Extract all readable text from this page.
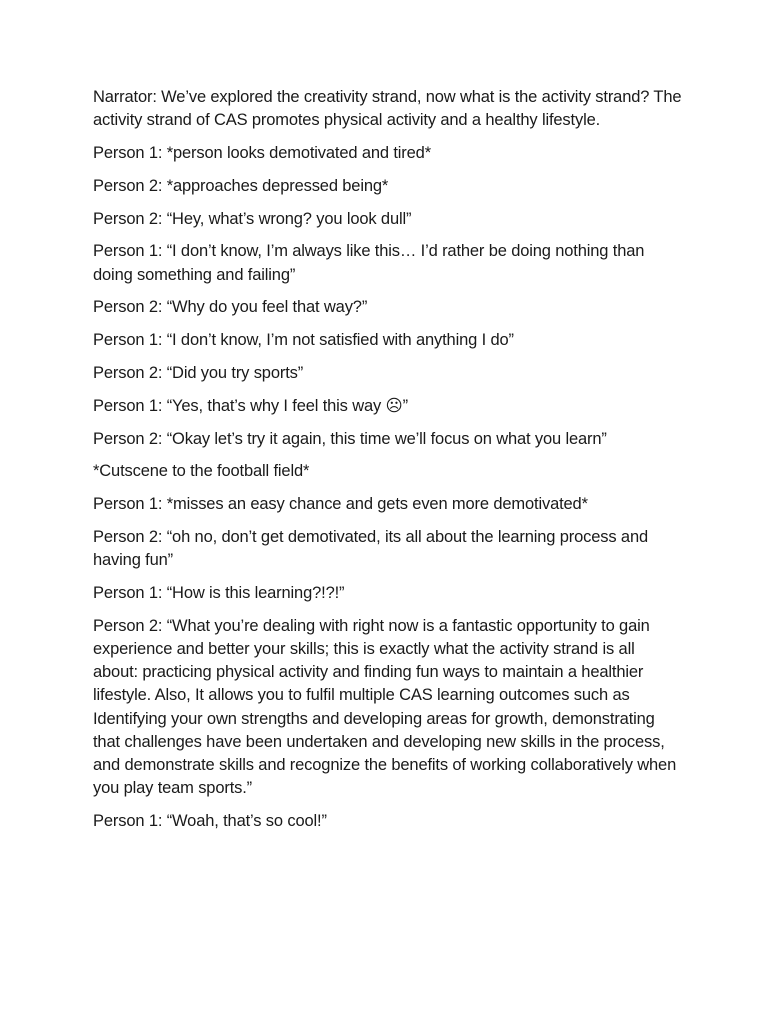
Narrator: We’ve explored the creativity strand, now what is the activity strand? The activity strand of CAS promotes physical activity and a healthy lifestyle.

Person 1: *person looks demotivated and tired*

Person 2: *approaches depressed being*

Person 2: “Hey, what’s wrong? you look dull”

Person 1: “I don’t know, I’m always like this… I’d rather be doing nothing than doing something and failing”

Person 2: “Why do you feel that way?”

Person 1: “I don’t know, I’m not satisfied with anything I do”

Person 2: “Did you try sports”

Person 1: “Yes, that’s why I feel this way ☹”

Person 2: “Okay let’s try it again, this time we’ll focus on what you learn”

*Cutscene to the football field*

Person 1: *misses an easy chance and gets even more demotivated*

Person 2: “oh no, don’t get demotivated, its all about the learning process and having fun”

Person 1: “How is this learning?!?!”

Person 2: “What you’re dealing with right now is a fantastic opportunity to gain experience and better your skills; this is exactly what the activity strand is all about: practicing physical activity and finding fun ways to maintain a healthier lifestyle. Also, It allows you to fulfil multiple CAS learning outcomes such as Identifying your own strengths and developing areas for growth, demonstrating that challenges have been undertaken and developing new skills in the process, and demonstrate skills and recognize the benefits of working collaboratively when you play team sports.”

Person 1: “Woah, that’s so cool!”
